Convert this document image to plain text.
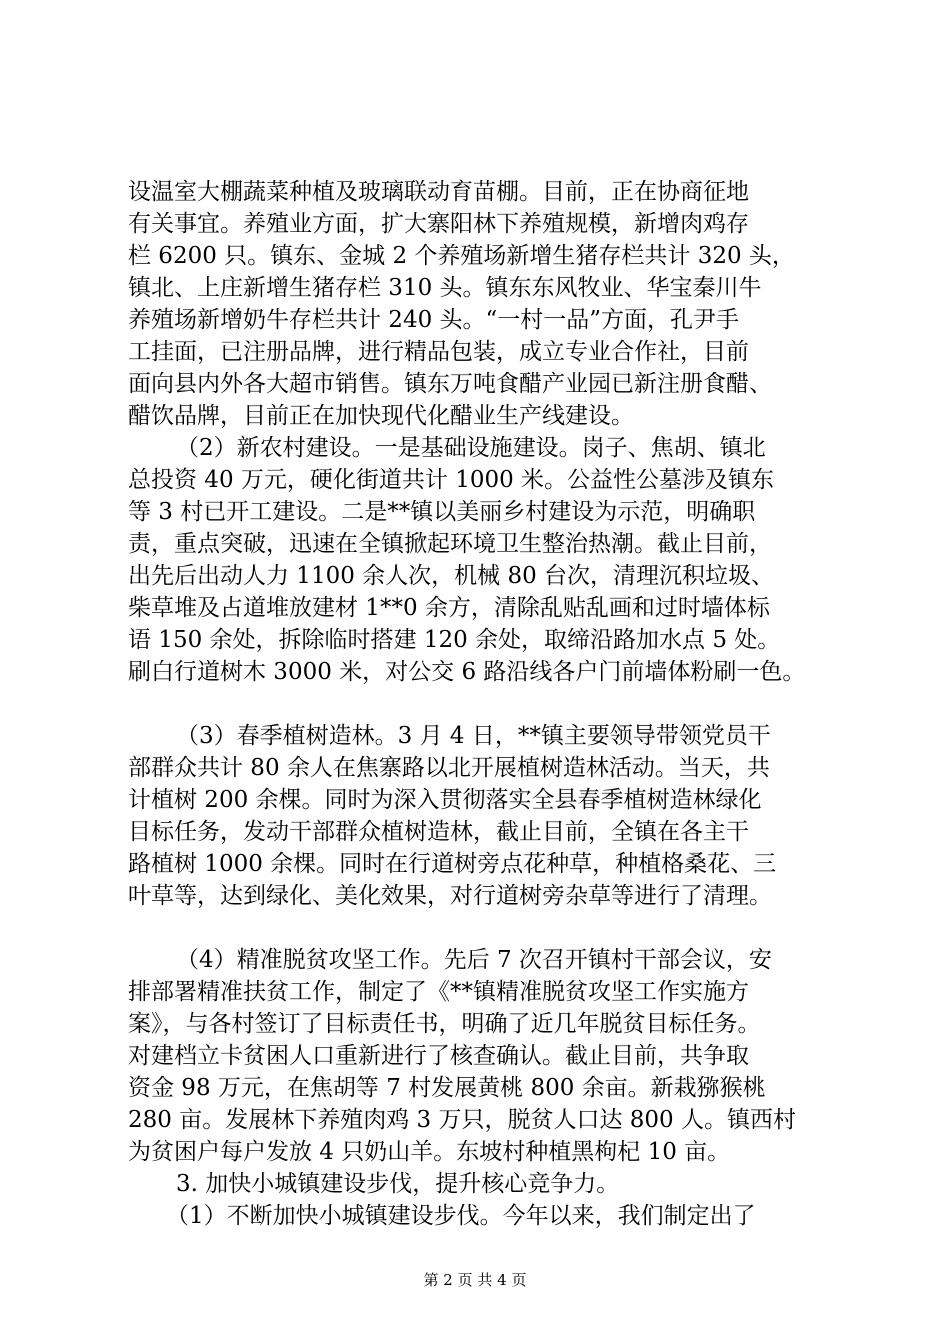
设温室大棚蔬菜种植及玻璃联动育苗棚。目前，正在协商征地
有关事宜。养殖业方面，扩大寨阳林下养殖规模，新增肉鸡存
栏 6200 只。镇东、金城 2 个养殖场新增生猪存栏共计 320 头，
镇北、上庄新增生猪存栏 310 头。镇东东风牧业、华宝秦川牛
养殖场新增奶牛存栏共计 240 头。“一村一品”方面，孔尹手
工挂面，已注册品牌，进行精品包装，成立专业合作社，目前
面向县内外各大超市销售。镇东万吨食醋产业园已新注册食醋、
醋饮品牌，目前正在加快现代化醋业生产线建设。
（2）新农村建设。一是基础设施建设。岗子、焦胡、镇北
总投资 40 万元，硬化街道共计 1000 米。公益性公墓涉及镇东
等 3 村已开工建设。二是**镇以美丽乡村建设为示范，明确职
责，重点突破，迅速在全镇掀起环境卫生整治热潮。截止目前，
出先后出动人力 1100 余人次，机械 80 台次，清理沉积垃圾、
柴草堆及占道堆放建材 1**0 余方，清除乱贴乱画和过时墙体标
语 150 余处，拆除临时搭建 120 余处，取缔沿路加水点 5 处。
刷白行道树木 3000 米，对公交 6 路沿线各户门前墙体粉刷一色。
（3）春季植树造林。3 月 4 日，**镇主要领导带领党员干
部群众共计 80 余人在焦寨路以北开展植树造林活动。当天，共
计植树 200 余棵。同时为深入贯彻落实全县春季植树造林绿化
目标任务，发动干部群众植树造林，截止目前，全镇在各主干
路植树 1000 余棵。同时在行道树旁点花种草，种植格桑花、三
叶草等，达到绿化、美化效果，对行道树旁杂草等进行了清理。
（4）精准脱贫攻坚工作。先后 7 次召开镇村干部会议，安
排部署精准扶贫工作，制定了《**镇精准脱贫攻坚工作实施方
案》，与各村签订了目标责任书，明确了近几年脱贫目标任务。
对建档立卡贫困人口重新进行了核查确认。截止目前，共争取
资金 98 万元，在焦胡等 7 村发展黄桃 800 余亩。新栽猕猴桃
280 亩。发展林下养殖肉鸡 3 万只，脱贫人口达 800 人。镇西村
为贫困户每户发放 4 只奶山羊。东坡村种植黑枸杞 10 亩。
3. 加快小城镇建设步伐，提升核心竞争力。
（1）不断加快小城镇建设步伐。今年以来，我们制定出了
第 2 页 共 4 页
